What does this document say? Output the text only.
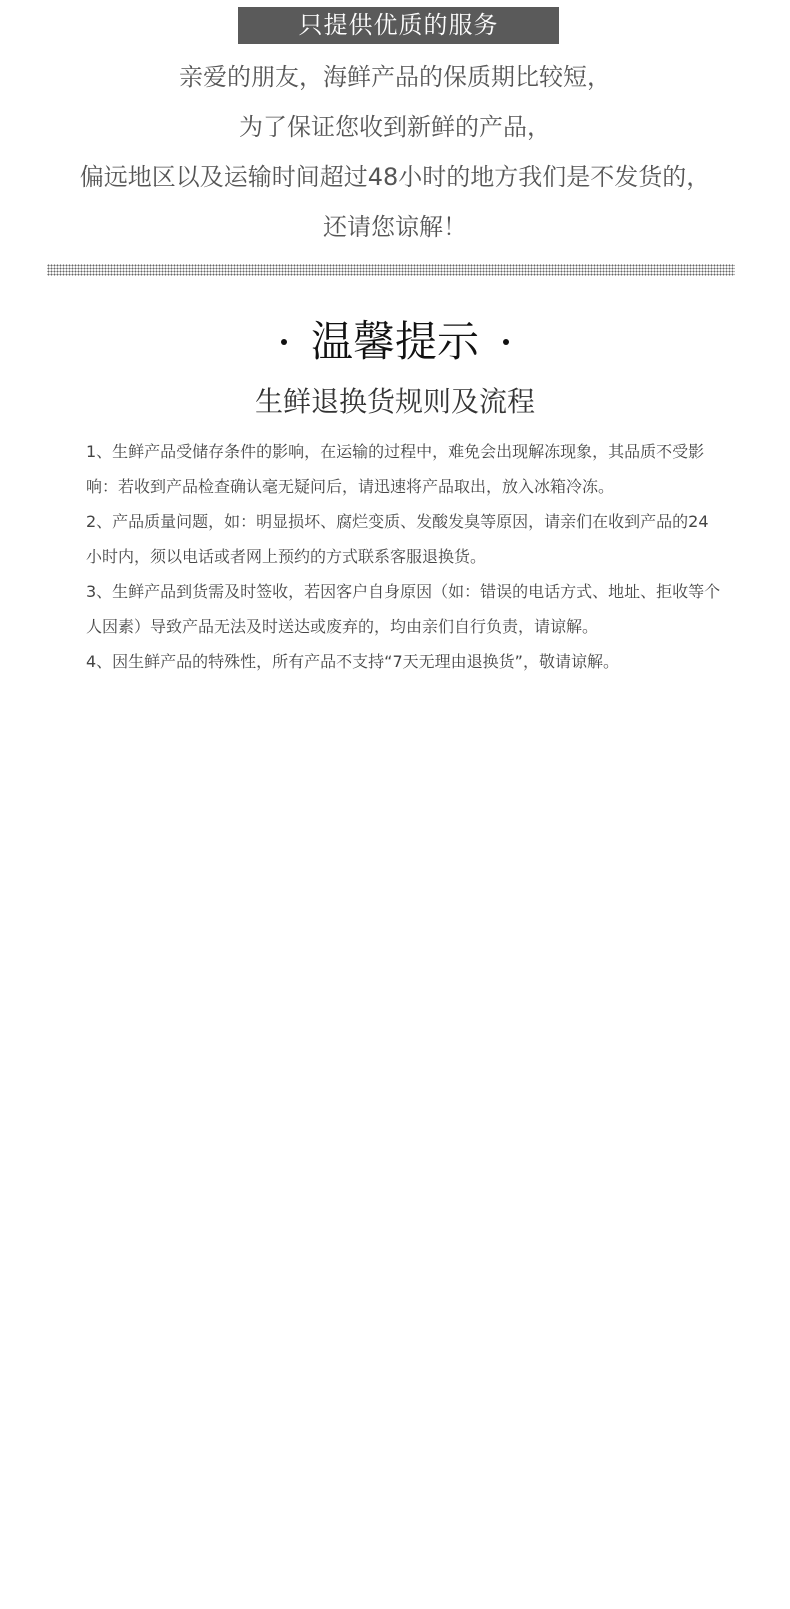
只提供优质的服务
亲爱的朋友，海鲜产品的保质期比较短，
为了保证您收到新鲜的产品，
偏远地区以及运输时间超过48小时的地方我们是不发货的，
还请您谅解！
温馨提示
生鲜退换货规则及流程

1、生鲜产品受储存条件的影响，在运输的过程中，难免会出现解冻现象，其品质不受影响：若收到产品检查确认毫无疑问后，请迅速将产品取出，放入冰箱冷冻。

2、产品质量问题，如：明显损坏、腐烂变质、发酸发臭等原因，请亲们在收到产品的24小时内，须以电话或者网上预约的方式联系客服退换货。

3、生鲜产品到货需及时签收，若因客户自身原因（如：错误的电话方式、地址、拒收等个人因素）导致产品无法及时送达或废弃的，均由亲们自行负责，请谅解。

4、因生鲜产品的特殊性，所有产品不支持“7天无理由退换货”，敬请谅解。
